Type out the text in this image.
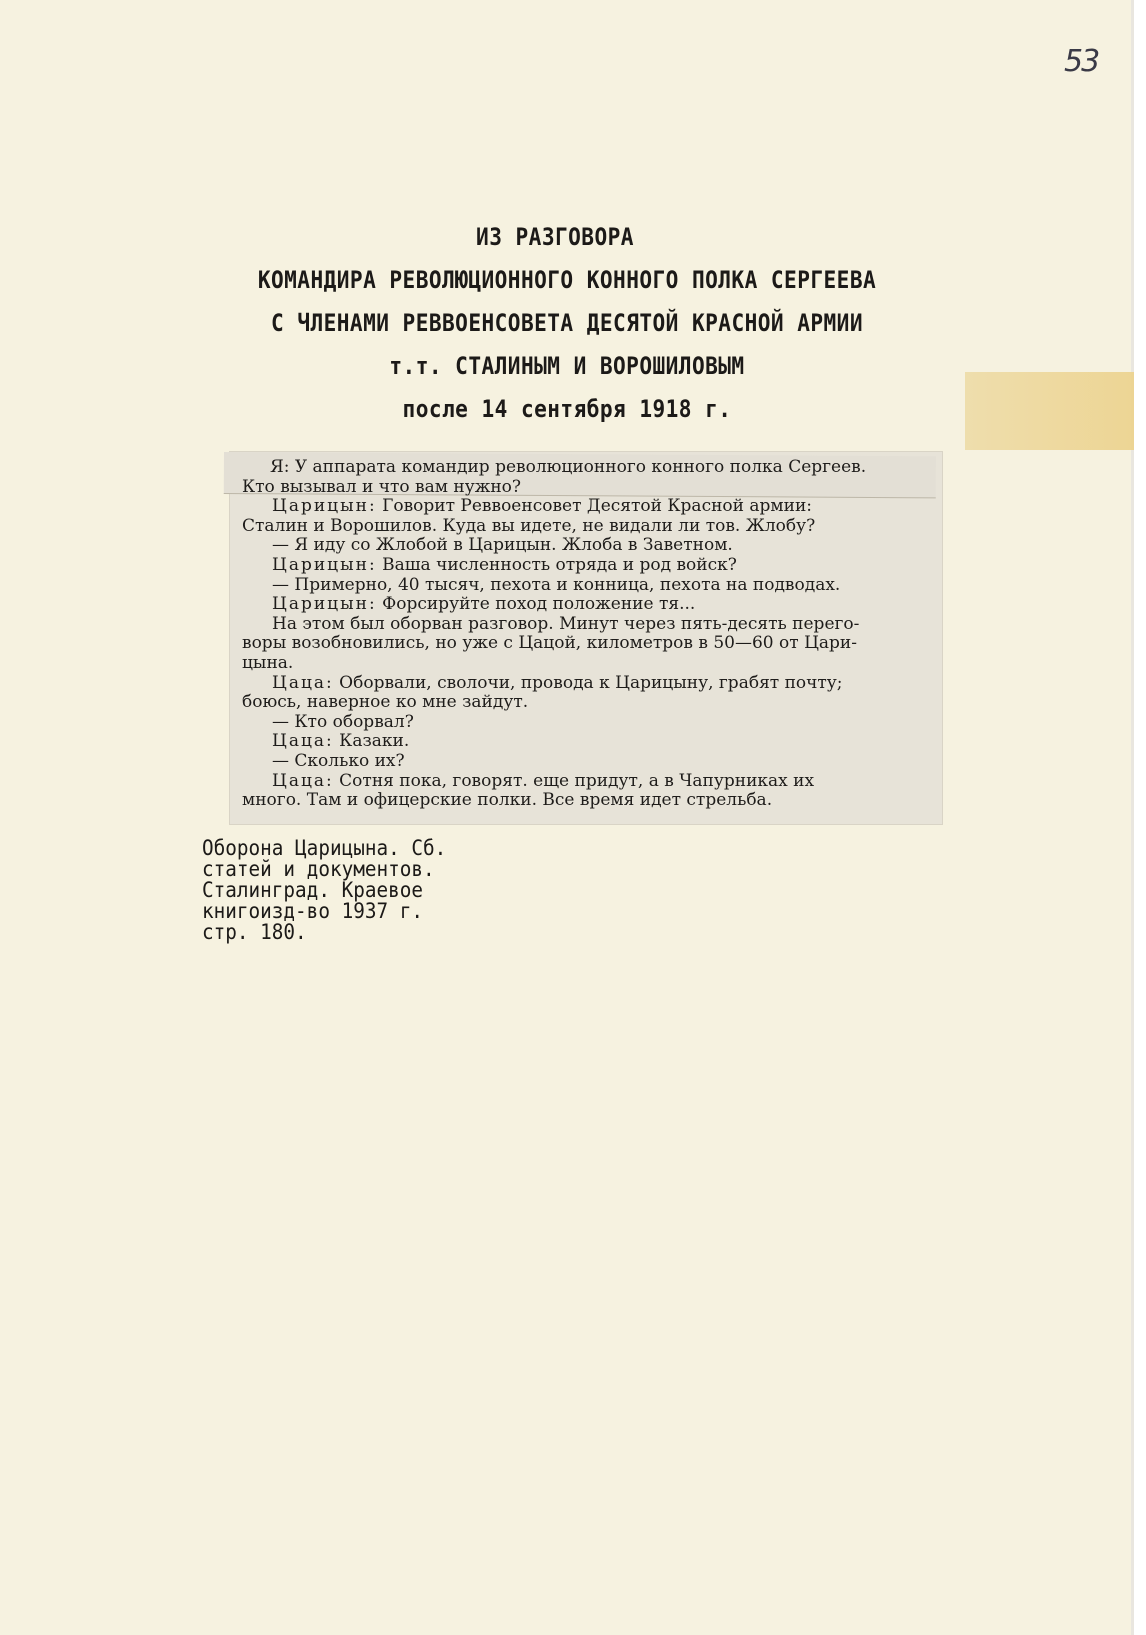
53
ИЗ РАЗГОВОРА
КОМАНДИРА РЕВОЛЮЦИОННОГО КОННОГО ПОЛКА СЕРГЕЕВА
С ЧЛЕНАМИ РЕВВОЕНСОВЕТА ДЕСЯТОЙ КРАСНОЙ АРМИИ
т.т. СТАЛИНЫМ И ВОРОШИЛОВЫМ
после 14 сентября 1918 г.

Я: У аппарата командир революционного конного полка Сергеев.

Кто вызывал и что вам нужно?

Царицын: Говорит Реввоенсовет Десятой Красной армии:

Сталин и Ворошилов. Куда вы идете, не видали ли тов. Жлобу?

— Я иду со Жлобой в Царицын. Жлоба в Заветном.

Царицын: Ваша численность отряда и род войск?

— Примерно, 40 тысяч, пехота и конница, пехота на подводах.

Царицын: Форсируйте поход положение тя...

На этом был оборван разговор. Минут через пять-десять перего-

воры возобновились, но уже с Цацой, километров в 50—60 от Цари-

цына.

Цаца: Оборвали, сволочи, провода к Царицыну, грабят почту;

боюсь, наверное ко мне зайдут.

— Кто оборвал?

Цаца: Казаки.

— Сколько их?

Цаца: Сотня пока, говорят. еще придут, а в Чапурниках их

много. Там и офицерские полки. Все время идет стрельба.

Оборона Царицына. Сб.
статей и документов.
Сталинград. Краевое
книгоизд-во 1937 г.
стр. 180.
